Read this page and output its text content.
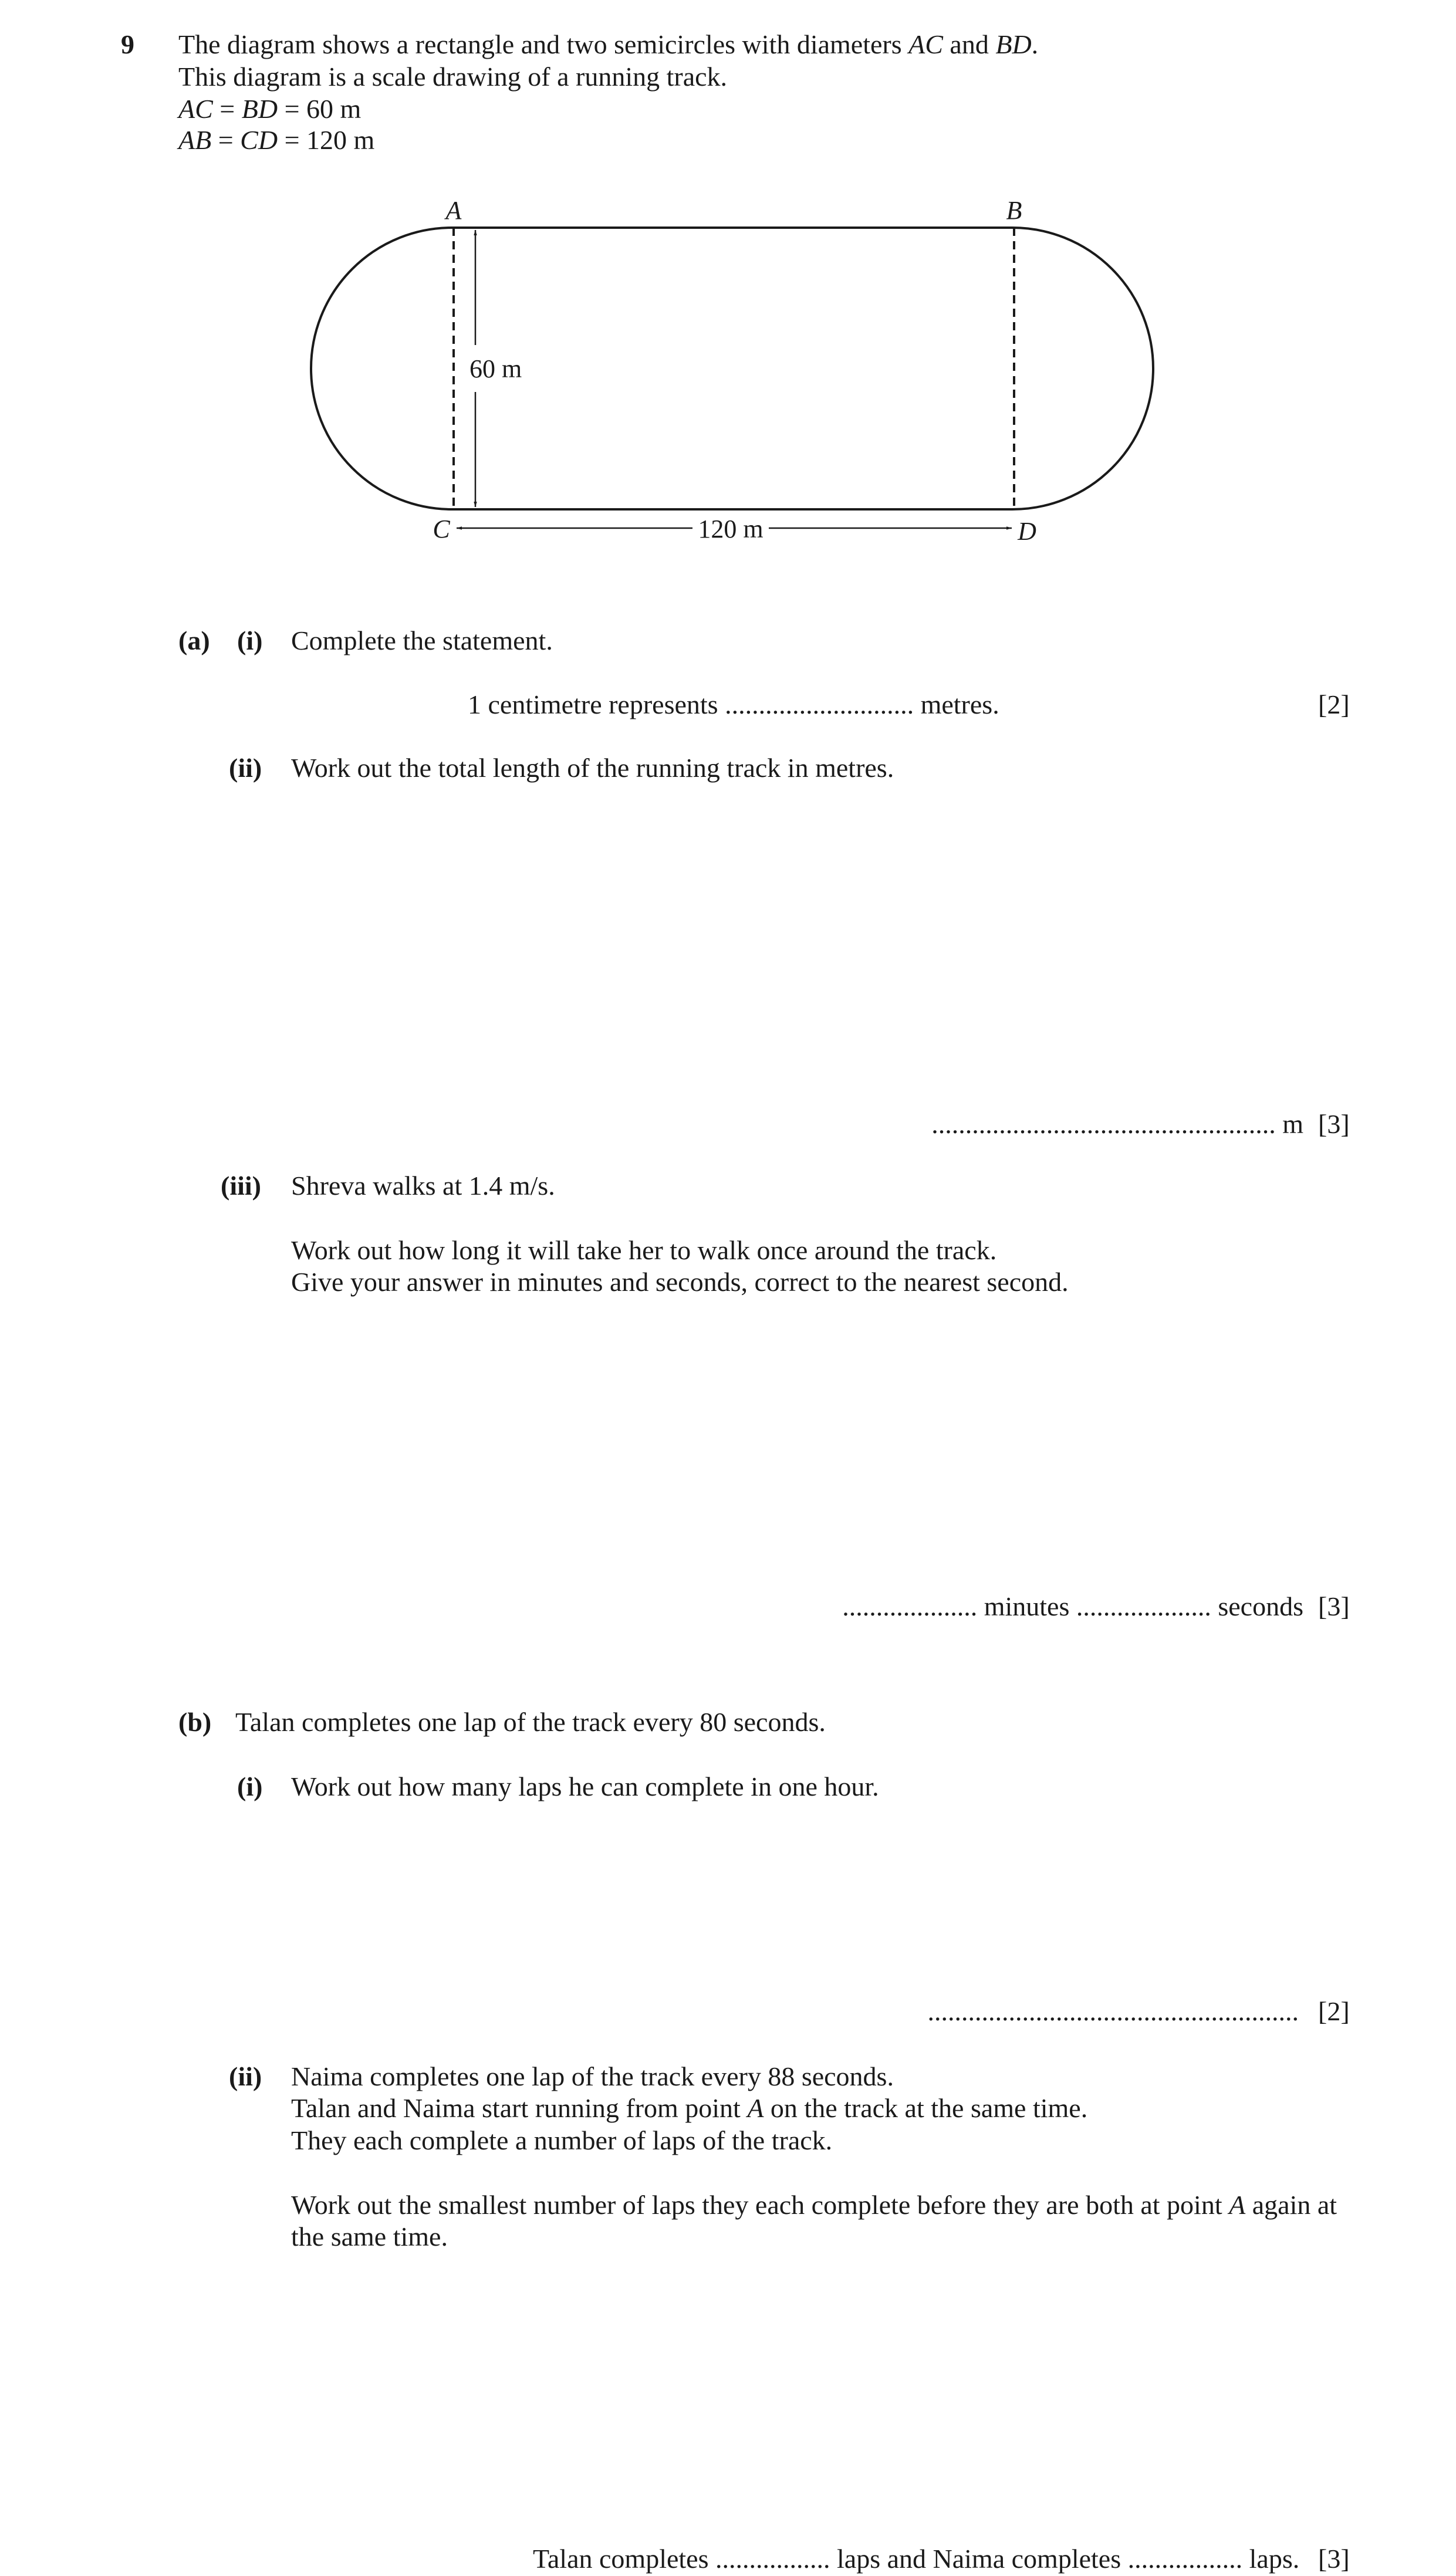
9 The diagram shows a rectangle and two semicircles with diameters AC and BD.
This diagram is a scale drawing of a running track.
AC = BD = 60 m
AB = CD = 120 m
A	B
C	D
60 m
120 m
(a) (i) Complete the statement.
1 centimetre represents ............................ metres.	[2]
(ii) Work out the total length of the running track in metres.
................................................... m [3]
(iii) Shreva walks at 1.4 m/s.
Work out how long it will take her to walk once around the track.
Give your answer in minutes and seconds, correct to the nearest second.
.................... minutes .................... seconds [3]
(b) Talan completes one lap of the track every 80 seconds.
(i) Work out how many laps he can complete in one hour.
....................................................... [2]
(ii) Naima completes one lap of the track every 88 seconds.
Talan and Naima start running from point A on the track at the same time.
They each complete a number of laps of the track.
Work out the smallest number of laps they each complete before they are both at point A again at
the same time.
Talan completes ................. laps and Naima completes ................. laps. [3]
